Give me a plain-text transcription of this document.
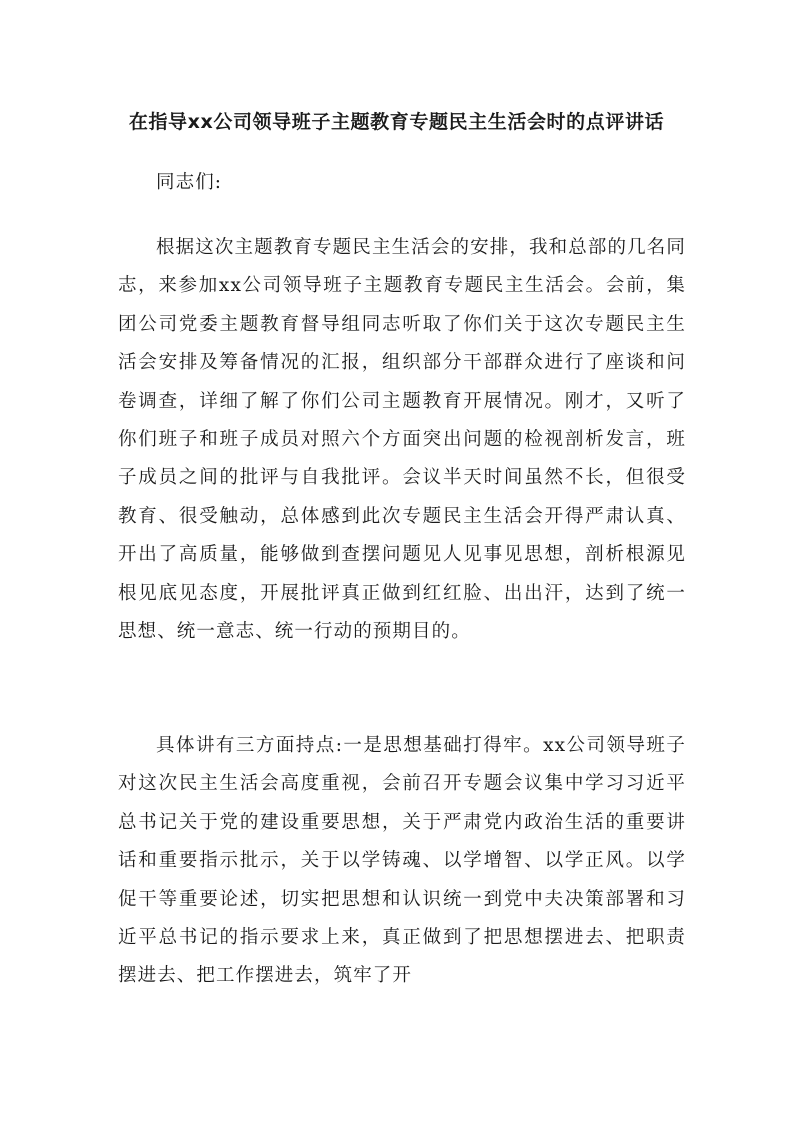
在指导xx公司领导班子主题教育专题民主生活会时的点评讲话

同志们:

根据这次主题教育专题民主生活会的安排，我和总部的几名同志，来参加xx公司领导班子主题教育专题民主生活会。会前，集团公司党委主题教育督导组同志听取了你们关于这次专题民主生活会安排及筹备情况的汇报，组织部分干部群众进行了座谈和问卷调查，详细了解了你们公司主题教育开展情况。刚才，又听了你们班子和班子成员对照六个方面突出问题的检视剖析发言，班子成员之间的批评与自我批评。会议半天时间虽然不长，但很受教育、很受触动，总体感到此次专题民主生活会开得严肃认真、开出了高质量，能够做到查摆问题见人见事见思想，剖析根源见根见底见态度，开展批评真正做到红红脸、出出汗，达到了统一思想、统一意志、统一行动的预期目的。

具体讲有三方面持点:一是思想基础打得牢。xx公司领导班子对这次民主生活会高度重视，会前召开专题会议集中学习习近平总书记关于党的建设重要思想，关于严肃党内政治生活的重要讲话和重要指示批示，关于以学铸魂、以学增智、以学正风。以学促干等重要论述，切实把思想和认识统一到党中夫决策部署和习近平总书记的指示要求上来，真正做到了把思想摆进去、把职责摆进去、把工作摆进去，筑牢了开
